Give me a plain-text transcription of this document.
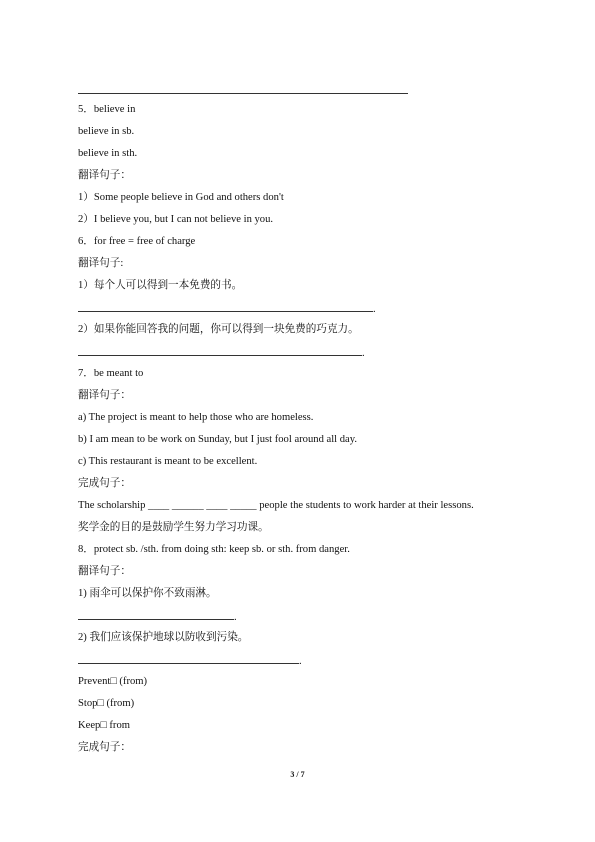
5．believe in
believe in sb.
believe in sth.
翻译句子：
1）Some people believe in God and others don't
2）I believe you, but I can not believe in you.
6．for free = free of charge
翻译句子:
1）每个人可以得到一本免费的书。
.
2）如果你能回答我的问题，你可以得到一块免费的巧克力。
.
7．be meant to
翻译句子：
a) The project is meant to help those who are homeless.
b) I am mean to be work on Sunday, but I just fool around all day.
c) This restaurant is meant to be excellent.
完成句子：
The scholarship ____ ______ ____ _____ people the students to work harder at their lessons.
奖学金的目的是鼓励学生努力学习功课。
8．protect sb. /sth. from doing sth: keep sb. or sth. from danger.
翻译句子：
1) 雨伞可以保护你不致雨淋。
.
2) 我们应该保护地球以防收到污染。
.
Prevent□ (from)
Stop□ (from)
Keep□ from
完成句子：
3 / 7
